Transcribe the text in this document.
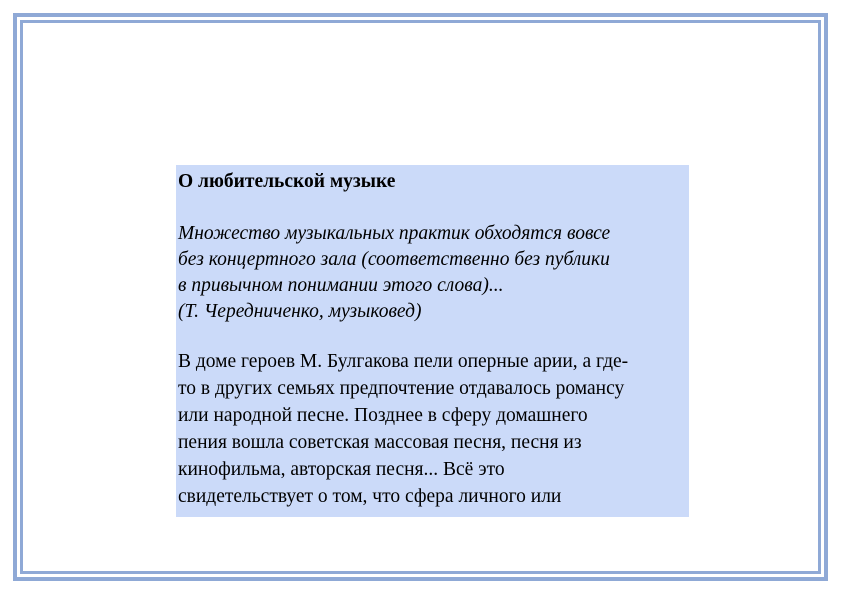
О любительской музыке

Множество музыкальных практик обходятся вовсе
без концертного зала (соответственно без публики
в привычном понимании этого слова)...
(Т. Чередниченко, музыковед)

В доме героев М. Булгакова пели оперные арии, а где-
то в других семьях предпочтение отдавалось романсу
или народной песне. Позднее в сферу домашнего
пения вошла советская массовая песня, песня из
кинофильма, авторская песня... Всё это
свидетельствует о том, что сфера личного или
